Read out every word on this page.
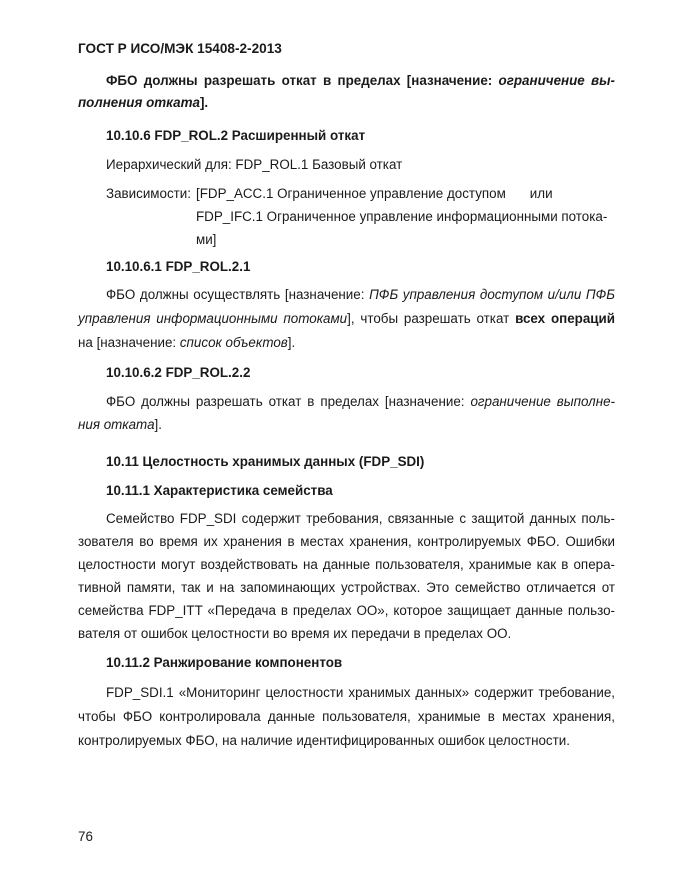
ГОСТ Р ИСО/МЭК 15408-2-2013
ФБО должны разрешать откат в пределах [назначение: ограничение вы-
полнения отката].
10.10.6 FDP_ROL.2 Расширенный откат
Иерархический для: FDP_ROL.1 Базовый откат
Зависимости: [FDP_ACC.1 Ограниченное управление доступом или
FDP_IFC.1 Ограниченное управление информационными потока-
ми]
10.10.6.1 FDP_ROL.2.1
ФБО должны осуществлять [назначение: ПФБ управления доступом и/или ПФБ
управления информационными потоками], чтобы разрешать откат всех операций
на [назначение: список объектов].
10.10.6.2 FDP_ROL.2.2
ФБО должны разрешать откат в пределах [назначение: ограничение выполне-
ния отката].
10.11 Целостность хранимых данных (FDP_SDI)
10.11.1 Характеристика семейства
Семейство FDP_SDI содержит требования, связанные с защитой данных поль-
зователя во время их хранения в местах хранения, контролируемых ФБО. Ошибки
целостности могут воздействовать на данные пользователя, хранимые как в опера-
тивной памяти, так и на запоминающих устройствах. Это семейство отличается от
семейства FDP_ITT «Передача в пределах ОО», которое защищает данные пользо-
вателя от ошибок целостности во время их передачи в пределах ОО.
10.11.2 Ранжирование компонентов
FDP_SDI.1 «Мониторинг целостности хранимых данных» содержит требование,
чтобы ФБО контролировала данные пользователя, хранимые в местах хранения,
контролируемых ФБО, на наличие идентифицированных ошибок целостности.
76
